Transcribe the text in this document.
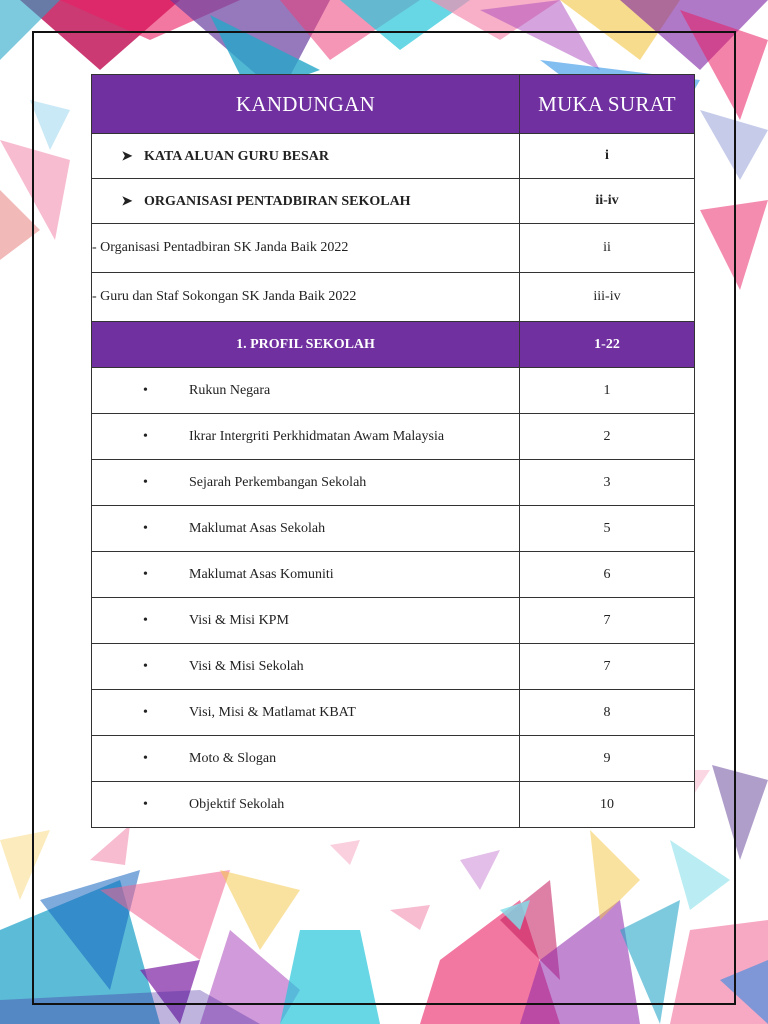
KANDUNGAN	MUKA SURAT
➤ KATA ALUAN GURU BESAR	i
➤ ORGANISASI PENTADBIRAN SEKOLAH	ii-iv
- Organisasi Pentadbiran SK Janda Baik 2022	ii
- Guru dan Staf Sokongan SK Janda Baik 2022	iii-iv
1. PROFIL SEKOLAH	1-22
• Rukun Negara	1
• Ikrar Intergriti Perkhidmatan Awam Malaysia	2
• Sejarah Perkembangan Sekolah	3
• Maklumat Asas Sekolah	5
• Maklumat Asas Komuniti	6
• Visi & Misi KPM	7
• Visi & Misi Sekolah	7
• Visi, Misi & Matlamat KBAT	8
• Moto & Slogan	9
• Objektif Sekolah	10
